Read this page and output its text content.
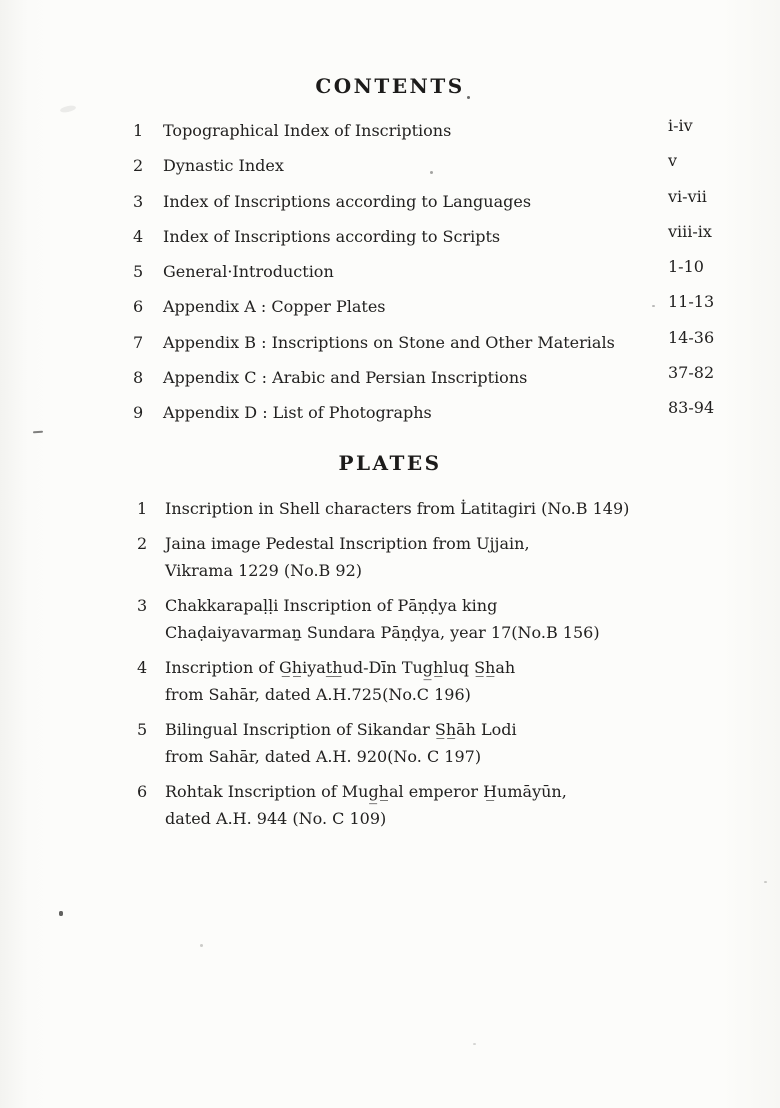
CONTENTS
1 Topographical Index of Inscriptions	i-iv
2 Dynastic Index	v
3 Index of Inscriptions according to Languages	vi-vii
4 Index of Inscriptions according to Scripts	viii-ix
5 General·Introduction	1-10
6 Appendix A : Copper Plates	11-13
7 Appendix B : Inscriptions on Stone and Other Materials	14-36
8 Appendix C : Arabic and Persian Inscriptions	37-82
9 Appendix D : List of Photographs	83-94
PLATES
1	Inscription in Shell characters from L̇atitagiri (No.B 149)
2	Jaina image Pedestal Inscription from Ujjain,
Vikrama 1229 (No.B 92)
3	Chakkarapaḷḷi Inscription of Pāṇḍya king
Chaḍaiyavarmaṉ Sundara Pāṇḍya, year 17(No.B 156)
4	Inscription of G̲h̲iyat̲h̲ud-Dīn Tug̲h̲luq S̲h̲ah
from Sahār, dated A.H.725(No.C 196)
5	Bilingual Inscription of Sikandar S̲h̲āh Lodi
from Sahār, dated A.H. 920(No. C 197)
6	Rohtak Inscription of Mug̲h̲al emperor H̲umāyūn,
dated A.H. 944 (No. C 109)
